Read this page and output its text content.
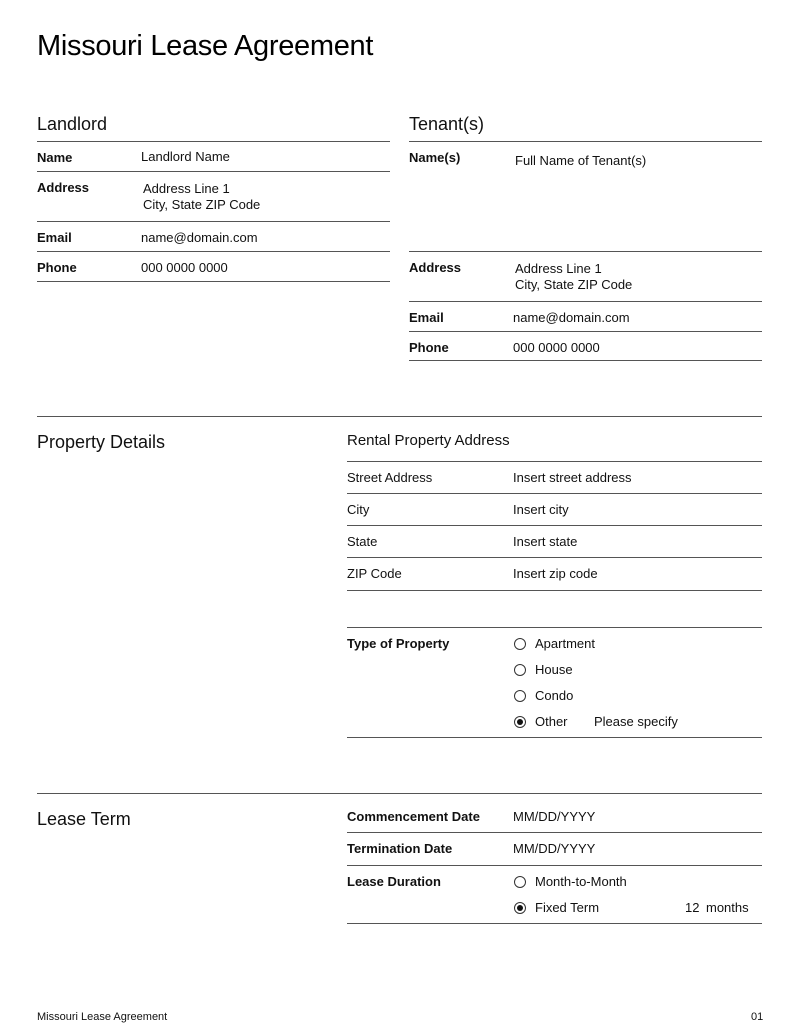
Missouri Lease Agreement
Landlord
Name	Landlord Name
Address	Address Line 1
City, State ZIP Code
Email	name@domain.com
Phone	000 0000 0000
Tenant(s)
Name(s)	Full Name of Tenant(s)
Address	Address Line 1
City, State ZIP Code
Email	name@domain.com
Phone	000 0000 0000
Property Details	Rental Property Address
Street Address	Insert street address
City	Insert city
State	Insert state
ZIP Code	Insert zip code
Type of Property	Apartment
House
Condo
Other Please specify
Lease Term	Commencement Date	MM/DD/YYYY
Termination Date	MM/DD/YYYY
Lease Duration	Month-to-Month
Fixed Term	12 months
Missouri Lease Agreement	01
